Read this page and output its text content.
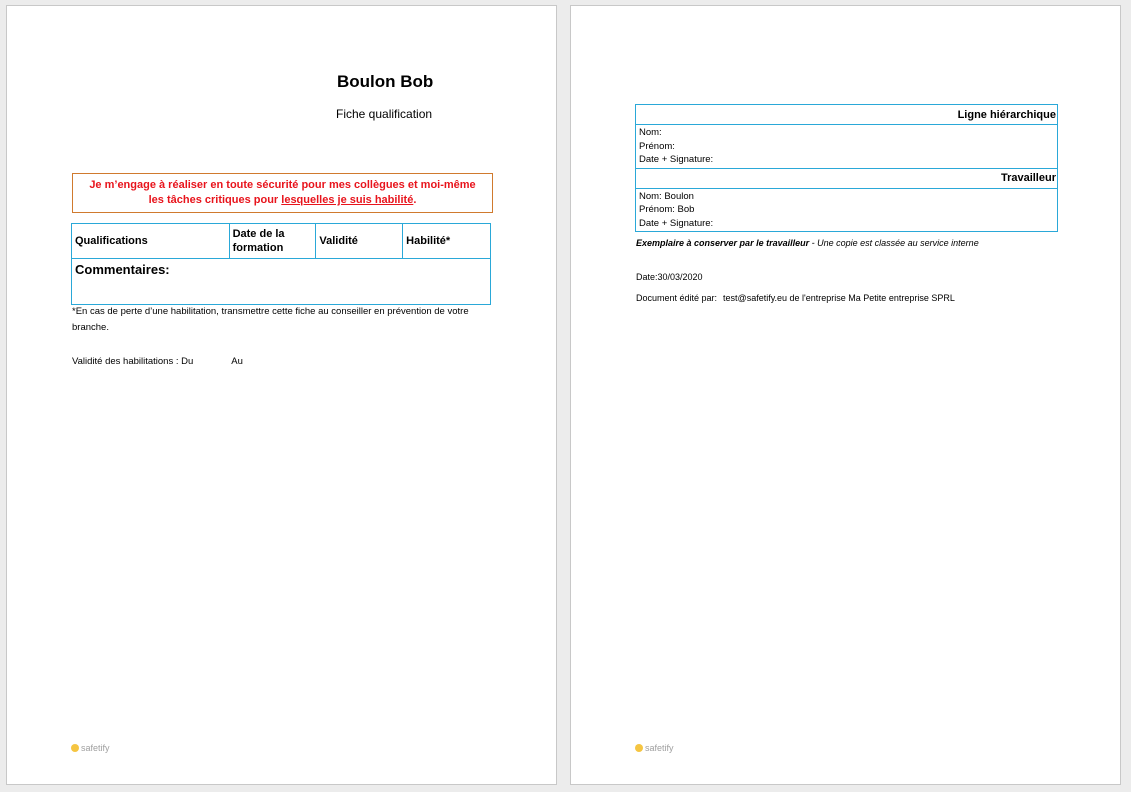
Boulon Bob
Fiche qualification
Je m’engage à réaliser en toute sécurité pour mes collègues et moi-même
les tâches critiques pour lesquelles je suis habilité.
Qualifications	Date de la formation	Validité	Habilité*
Commentaires:
*En cas de perte d’une habilitation, transmettre cette fiche au conseiller en prévention de votre branche.
Validité des habilitations : Du	Au
safetify
Ligne hiérarchique

Nom:
Prénom:
Date + Signature:

Travailleur

Nom: Boulon
Prénom: Bob
Date + Signature:
Exemplaire à conserver par le travailleur - Une copie est classée au service interne
Date:30/03/2020
Document édité par: test@safetify.eu de l'entreprise Ma Petite entreprise SPRL
safetify
